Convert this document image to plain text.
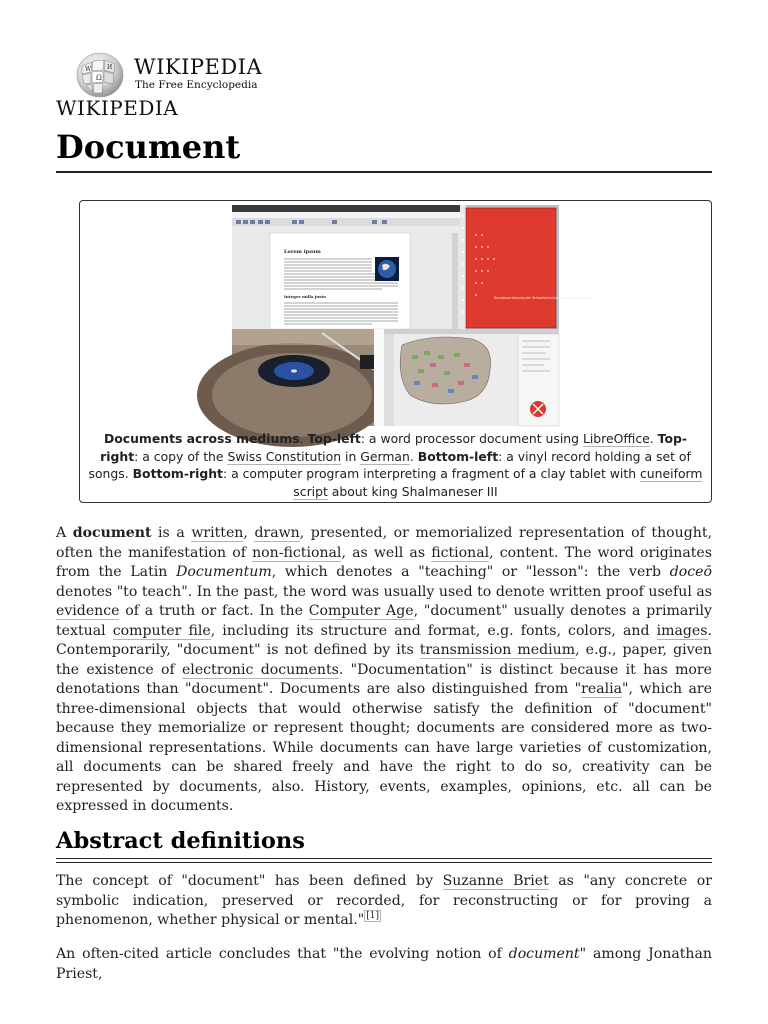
Ω
W	И WIKIPEDIA
The Free Encyclopedia
WIKIPEDIA
Document
Lorem ipsum
Integer nulla justo	Bundesverfassung der Schweizerischen Eidgenossenschaft

Documents across mediums. Top-left: a word processor document using LibreOffice. Top-right: a copy of the Swiss Constitution in German. Bottom-left: a vinyl record holding a set of songs. Bottom-right: a computer program interpreting a fragment of a clay tablet with cuneiform script about king Shalmaneser III

A document is a written, drawn, presented, or memorialized representation of thought, often the manifestation of non-fictional, as well as fictional, content. The word originates from the Latin Documentum, which denotes a "teaching" or "lesson": the verb doceō denotes "to teach". In the past, the word was usually used to denote written proof useful as evidence of a truth or fact. In the Computer Age, "document" usually denotes a primarily textual computer file, including its structure and format, e.g. fonts, colors, and images. Contemporarily, "document" is not defined by its transmission medium, e.g., paper, given the existence of electronic documents. "Documentation" is distinct because it has more denotations than "document". Documents are also distinguished from "realia", which are three-dimensional objects that would otherwise satisfy the definition of "document" because they memorialize or represent thought; documents are considered more as two-dimensional representations. While documents can have large varieties of customization, all documents can be shared freely and have the right to do so, creativity can be represented by documents, also. History, events, examples, opinions, etc. all can be expressed in documents.

Abstract definitions

The concept of "document" has been defined by Suzanne Briet as "any concrete or symbolic indication, preserved or recorded, for reconstructing or for proving a phenomenon, whether physical or mental." [1]

An often-cited article concludes that "the evolving notion of document" among Jonathan Priest,
